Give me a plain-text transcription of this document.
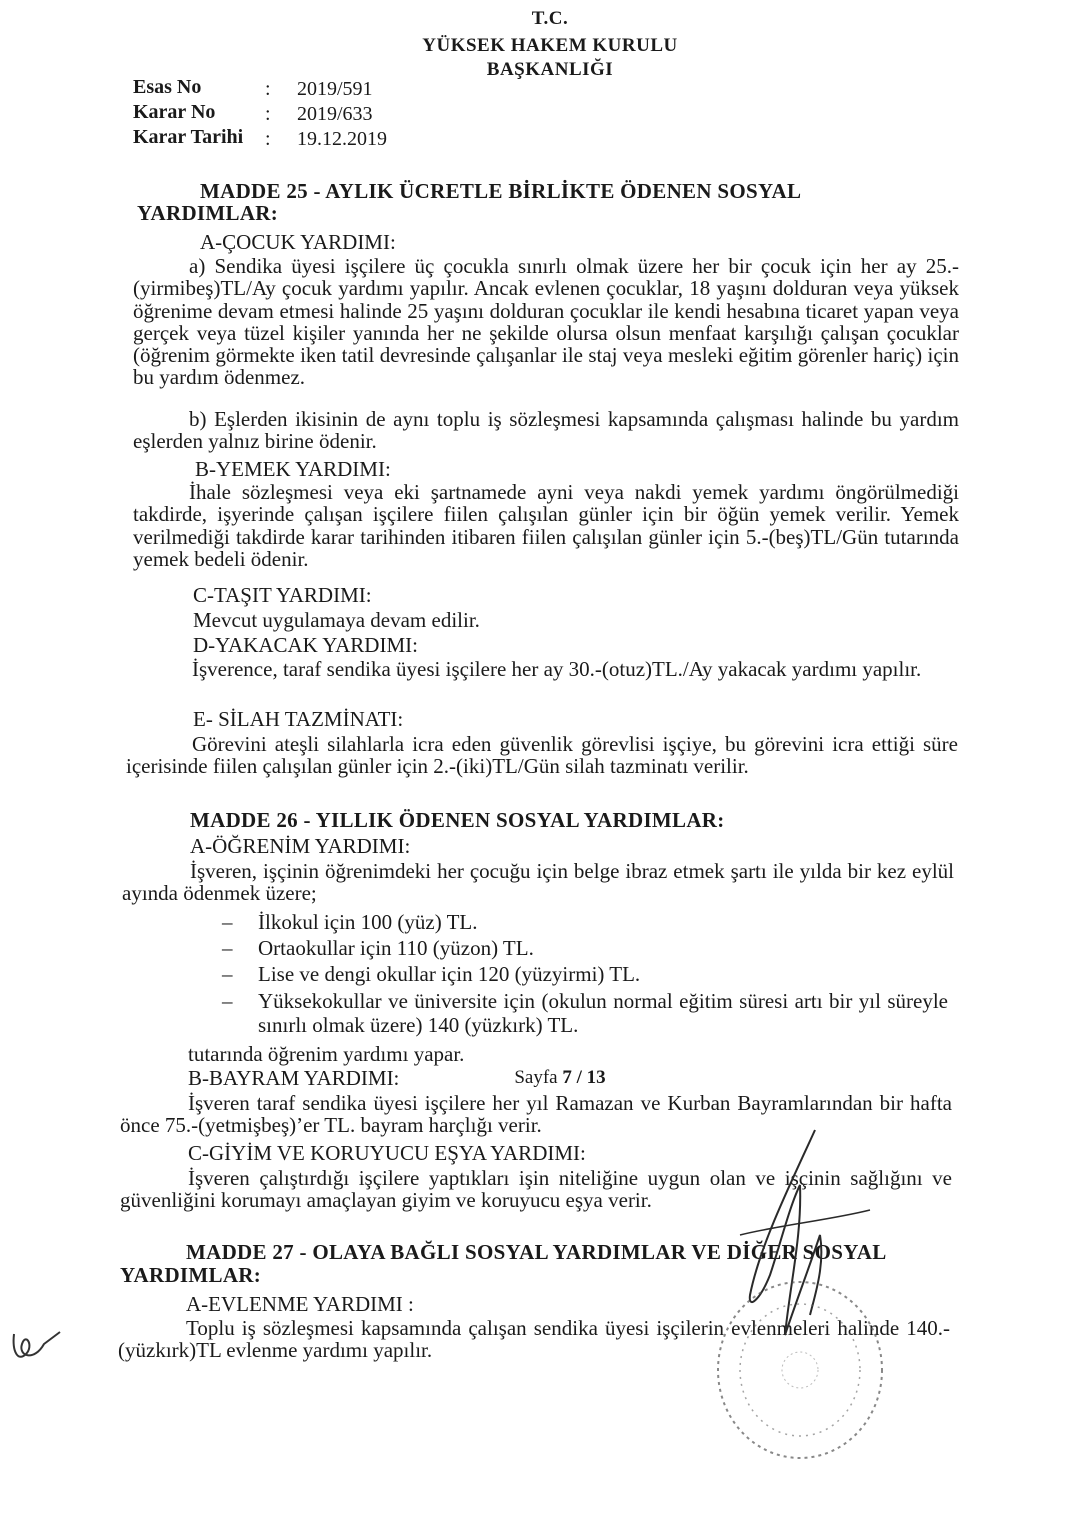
T.C.
YÜKSEK HAKEM KURULU
BAŞKANLIĞI
Esas No	: 2019/591
Karar No : 2019/633
Karar Tarihi : 19.12.2019
MADDE 25 - AYLIK ÜCRETLE BİRLİKTE ÖDENEN SOSYAL
YARDIMLAR:
A-ÇOCUK YARDIMI:
a) Sendika üyesi işçilere üç çocukla sınırlı olmak üzere her bir çocuk için her ay 25.-(yirmibeş)TL/Ay çocuk yardımı yapılır. Ancak evlenen çocuklar, 18 yaşını dolduran veya yüksek öğrenime devam etmesi halinde 25 yaşını dolduran çocuklar ile kendi hesabına ticaret yapan veya gerçek veya tüzel kişiler yanında her ne şekilde olursa olsun menfaat karşılığı çalışan çocuklar (öğrenim görmekte iken tatil devresinde çalışanlar ile staj veya mesleki eğitim görenler hariç) için bu yardım ödenmez.
b) Eşlerden ikisinin de aynı toplu iş sözleşmesi kapsamında çalışması halinde bu yardım eşlerden yalnız birine ödenir.
B-YEMEK YARDIMI:
İhale sözleşmesi veya eki şartnamede ayni veya nakdi yemek yardımı öngörülmediği takdirde, işyerinde çalışan işçilere fiilen çalışılan günler için bir öğün yemek verilir. Yemek verilmediği takdirde karar tarihinden itibaren fiilen çalışılan günler için 5.-(beş)TL/Gün tutarında yemek bedeli ödenir.
C-TAŞIT YARDIMI:
Mevcut uygulamaya devam edilir.
D-YAKACAK YARDIMI:
İşverence, taraf sendika üyesi işçilere her ay 30.-(otuz)TL./Ay yakacak yardımı yapılır.
E- SİLAH TAZMİNATI:
Görevini ateşli silahlarla icra eden güvenlik görevlisi işçiye, bu görevini icra ettiği süre içerisinde fiilen çalışılan günler için 2.-(iki)TL/Gün silah tazminatı verilir.
MADDE 26 - YILLIK ÖDENEN SOSYAL YARDIMLAR:
A-ÖĞRENİM YARDIMI:
İşveren, işçinin öğrenimdeki her çocuğu için belge ibraz etmek şartı ile yılda bir kez eylül ayında ödenmek üzere;
– İlkokul için 100 (yüz) TL.
– Ortaokullar için 110 (yüzon) TL.
– Lise ve dengi okullar için 120 (yüzyirmi) TL.
– Yüksekokullar ve üniversite için (okulun normal eğitim süresi artı bir yıl süreyle sınırlı olmak üzere) 140 (yüzkırk) TL.
tutarında öğrenim yardımı yapar.
B-BAYRAM YARDIMI:
İşveren taraf sendika üyesi işçilere her yıl Ramazan ve Kurban Bayramlarından bir hafta önce 75.-(yetmişbeş)’er TL. bayram harçlığı verir.
C-GİYİM VE KORUYUCU EŞYA YARDIMI:
İşveren çalıştırdığı işçilere yaptıkları işin niteliğine uygun olan ve işçinin sağlığını ve güvenliğini korumayı amaçlayan giyim ve koruyucu eşya verir.
MADDE 27 - OLAYA BAĞLI SOSYAL YARDIMLAR VE DİĞER SOSYAL
YARDIMLAR:
A-EVLENME YARDIMI :
Toplu iş sözleşmesi kapsamında çalışan sendika üyesi işçilerin evlenmeleri halinde 140.-(yüzkırk)TL evlenme yardımı yapılır.
Sayfa 7 / 13
